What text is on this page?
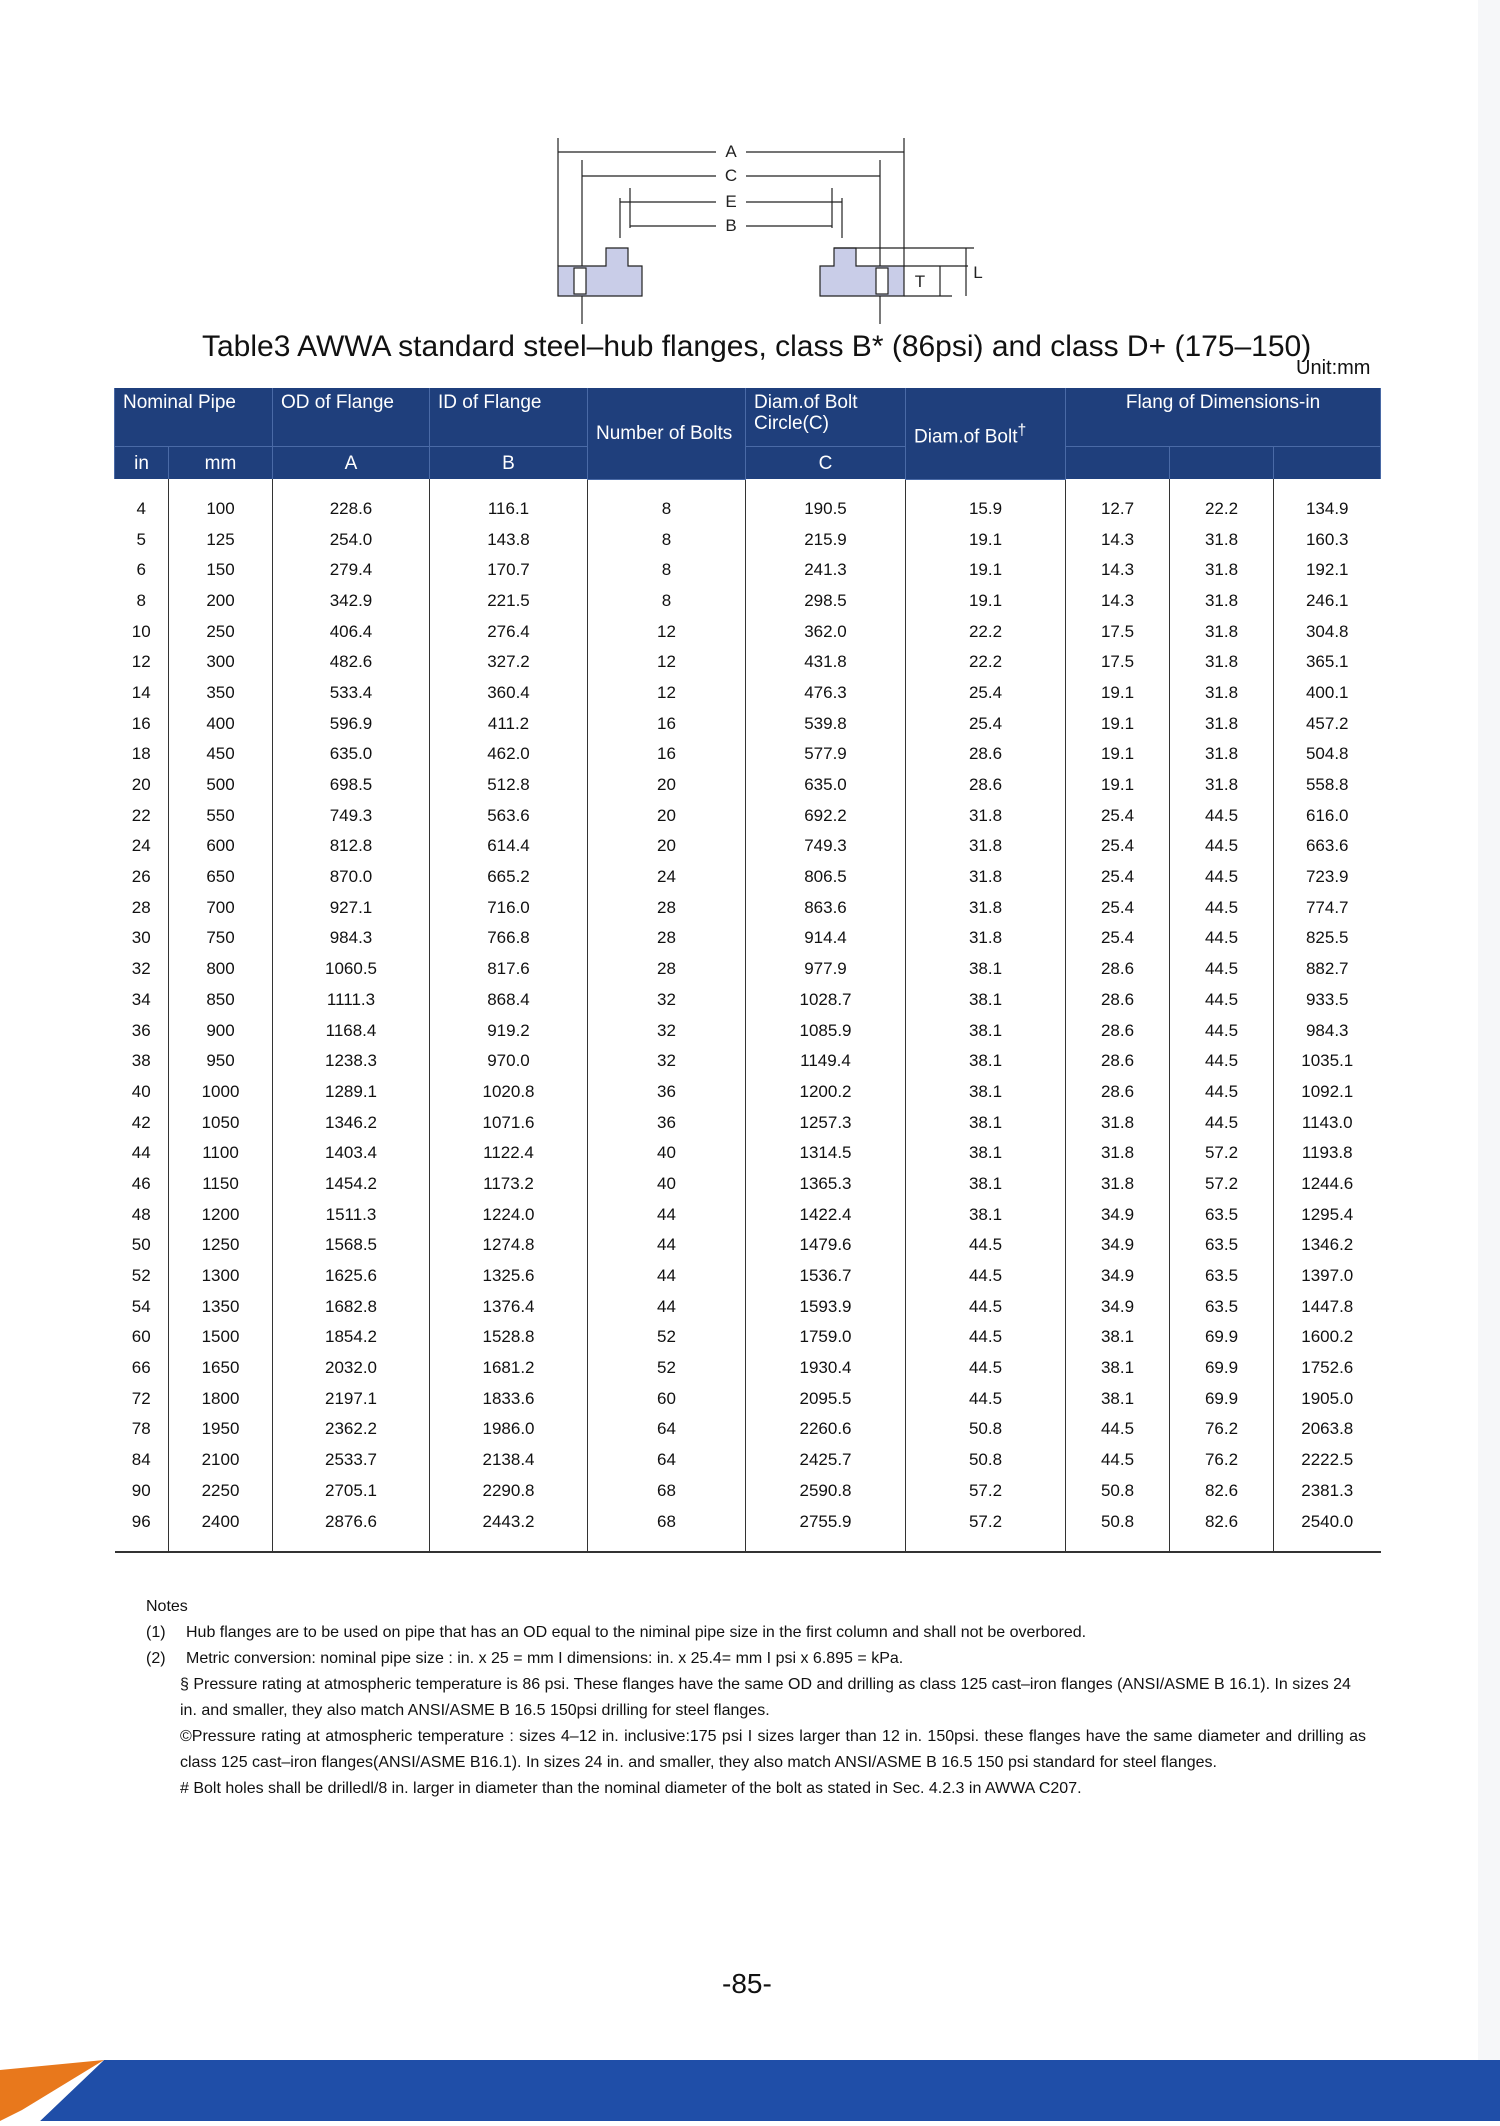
A
C
E
B
T	L
Table3 AWWA standard steel–hub flanges, class B* (86psi) and class D+ (175–150)
Unit:mm
Nominal Pipe		OD of Flange	ID of Flange	Number of Bolts	Diam.of Bolt Circle(C)	Diam.of Bolt†	Flang of Dimensions-in		
in	mm	A	B		C				
4	100	228.6	116.1	8	190.5	15.9	12.7	22.2	134.9
5	125	254.0	143.8	8	215.9	19.1	14.3	31.8	160.3
6	150	279.4	170.7	8	241.3	19.1	14.3	31.8	192.1
8	200	342.9	221.5	8	298.5	19.1	14.3	31.8	246.1
10	250	406.4	276.4	12	362.0	22.2	17.5	31.8	304.8
12	300	482.6	327.2	12	431.8	22.2	17.5	31.8	365.1
14	350	533.4	360.4	12	476.3	25.4	19.1	31.8	400.1
16	400	596.9	411.2	16	539.8	25.4	19.1	31.8	457.2
18	450	635.0	462.0	16	577.9	28.6	19.1	31.8	504.8
20	500	698.5	512.8	20	635.0	28.6	19.1	31.8	558.8
22	550	749.3	563.6	20	692.2	31.8	25.4	44.5	616.0
24	600	812.8	614.4	20	749.3	31.8	25.4	44.5	663.6
26	650	870.0	665.2	24	806.5	31.8	25.4	44.5	723.9
28	700	927.1	716.0	28	863.6	31.8	25.4	44.5	774.7
30	750	984.3	766.8	28	914.4	31.8	25.4	44.5	825.5
32	800	1060.5	817.6	28	977.9	38.1	28.6	44.5	882.7
34	850	1111.3	868.4	32	1028.7	38.1	28.6	44.5	933.5
36	900	1168.4	919.2	32	1085.9	38.1	28.6	44.5	984.3
38	950	1238.3	970.0	32	1149.4	38.1	28.6	44.5	1035.1
40	1000	1289.1	1020.8	36	1200.2	38.1	28.6	44.5	1092.1
42	1050	1346.2	1071.6	36	1257.3	38.1	31.8	44.5	1143.0
44	1100	1403.4	1122.4	40	1314.5	38.1	31.8	57.2	1193.8
46	1150	1454.2	1173.2	40	1365.3	38.1	31.8	57.2	1244.6
48	1200	1511.3	1224.0	44	1422.4	38.1	34.9	63.5	1295.4
50	1250	1568.5	1274.8	44	1479.6	44.5	34.9	63.5	1346.2
52	1300	1625.6	1325.6	44	1536.7	44.5	34.9	63.5	1397.0
54	1350	1682.8	1376.4	44	1593.9	44.5	34.9	63.5	1447.8
60	1500	1854.2	1528.8	52	1759.0	44.5	38.1	69.9	1600.2
66	1650	2032.0	1681.2	52	1930.4	44.5	38.1	69.9	1752.6
72	1800	2197.1	1833.6	60	2095.5	44.5	38.1	69.9	1905.0
78	1950	2362.2	1986.0	64	2260.6	50.8	44.5	76.2	2063.8
84	2100	2533.7	2138.4	64	2425.7	50.8	44.5	76.2	2222.5
90	2250	2705.1	2290.8	68	2590.8	57.2	50.8	82.6	2381.3
96	2400	2876.6	2443.2	68	2755.9	57.2	50.8	82.6	2540.0
Notes
(1)	Hub flanges are to be used on pipe that has an OD equal to the niminal pipe size in the first column and shall not be overbored.
(2)	Metric conversion: nominal pipe size : in. x 25 = mm I dimensions: in. x 25.4= mm I psi x 6.895 = kPa.
§ Pressure rating at atmospheric temperature is 86 psi. These flanges have the same OD and drilling as class 125 cast–iron flanges (ANSI/ASME B 16.1). In sizes 24 in. and smaller, they also match ANSI/ASME B 16.5 150psi drilling for steel flanges.
©Pressure rating at atmospheric temperature : sizes 4–12 in. inclusive:175 psi I sizes larger than 12 in. 150psi. these flanges have the same diameter and drilling as class 125 cast–iron flanges(ANSI/ASME B16.1). In sizes 24 in. and smaller, they also match ANSI/ASME B 16.5 150 psi standard for steel flanges.
# Bolt holes shall be drilledl/8 in. larger in diameter than the nominal diameter of the bolt as stated in Sec. 4.2.3 in AWWA C207.
-85-
